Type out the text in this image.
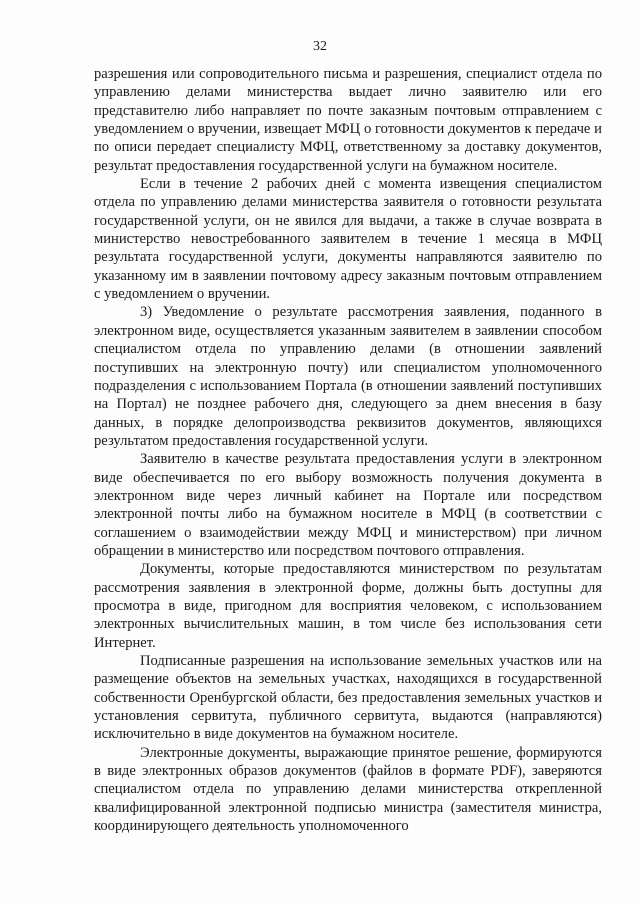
32

разрешения или сопроводительного письма и разрешения, специалист отдела по управлению делами министерства выдает лично заявителю или его представителю либо направляет по почте заказным почтовым отправлением с уведомлением о вручении, извещает МФЦ о готовности документов к передаче и по описи передает специалисту МФЦ, ответственному за доставку документов, результат предоставления государственной услуги на бумажном носителе.

Если в течение 2 рабочих дней с момента извещения специалистом отдела по управлению делами министерства заявителя о готовности результата государственной услуги, он не явился для выдачи, а также в случае возврата в министерство невостребованного заявителем в течение 1 месяца в МФЦ результата государственной услуги, документы направляются заявителю по указанному им в заявлении почтовому адресу заказным почтовым отправлением с уведомлением о вручении.

3) Уведомление о результате рассмотрения заявления, поданного в электронном виде, осуществляется указанным заявителем в заявлении способом специалистом отдела по управлению делами (в отношении заявлений поступивших на электронную почту) или специалистом уполномоченного подразделения с использованием Портала (в отношении заявлений поступивших на Портал) не позднее рабочего дня, следующего за днем внесения в базу данных, в порядке делопроизводства реквизитов документов, являющихся результатом предоставления государственной услуги.

Заявителю в качестве результата предоставления услуги в электронном виде обеспечивается по его выбору возможность получения документа в электронном виде через личный кабинет на Портале или посредством электронной почты либо на бумажном носителе в МФЦ (в соответствии с соглашением о взаимодействии между МФЦ и министерством) при личном обращении в министерство или посредством почтового отправления.

Документы, которые предоставляются министерством по результатам рассмотрения заявления в электронной форме, должны быть доступны для просмотра в виде, пригодном для восприятия человеком, с использованием электронных вычислительных машин, в том числе без использования сети Интернет.

Подписанные разрешения на использование земельных участков или на размещение объектов на земельных участках, находящихся в государственной собственности Оренбургской области, без предоставления земельных участков и установления сервитута, публичного сервитута, выдаются (направляются) исключительно в виде документов на бумажном носителе.

Электронные документы, выражающие принятое решение, формируются в виде электронных образов документов (файлов в формате PDF), заверяются специалистом отдела по управлению делами министерства открепленной квалифицированной электронной подписью министра (заместителя министра, координирующего деятельность уполномоченного
